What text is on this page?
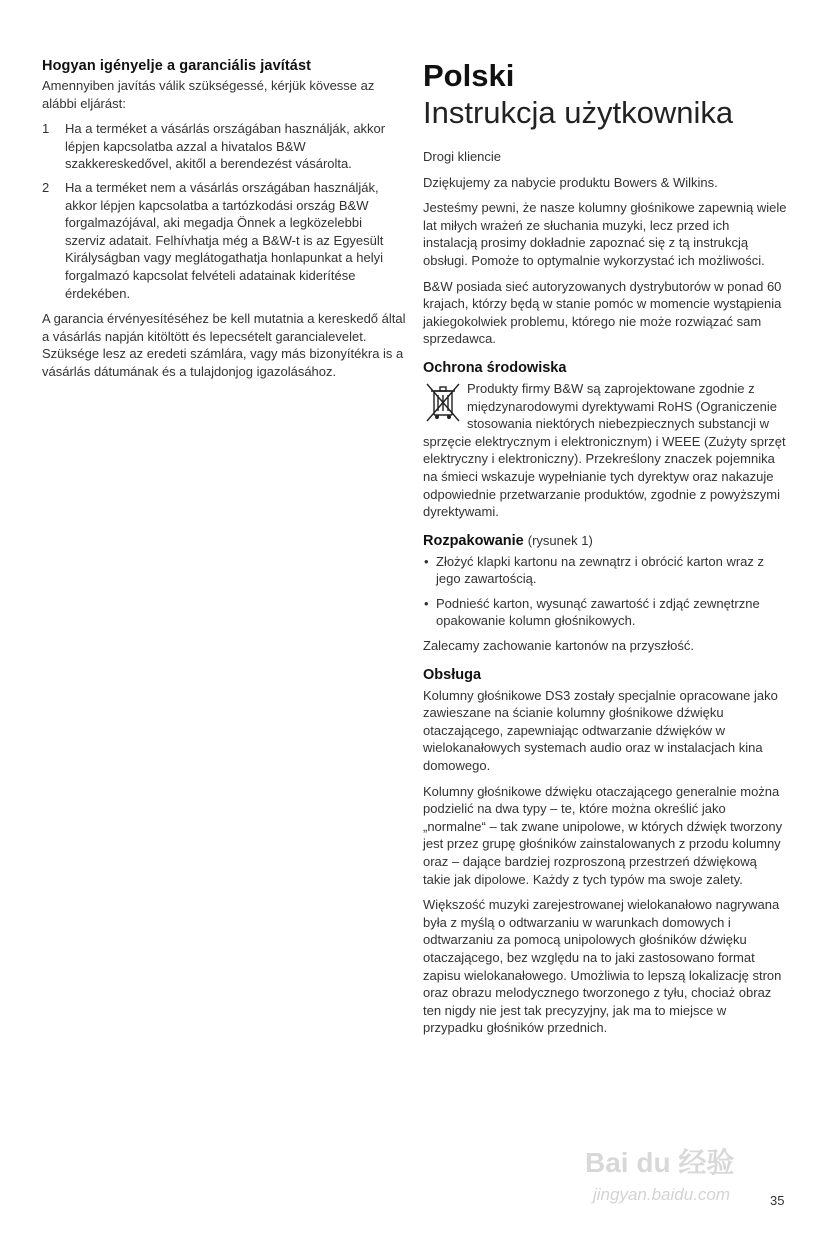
Hogyan igényelje a garanciális javítást

Amennyiben javítás válik szükségessé, kérjük kövesse az alábbi eljárást:

1 Ha a terméket a vásárlás országában használják, akkor lépjen kapcsolatba azzal a hivatalos B&W szakkereskedővel, akitől a berendezést vásárolta.
2 Ha a terméket nem a vásárlás országában használják, akkor lépjen kapcsolatba a tartózkodási ország B&W forgalmazójával, aki megadja Önnek a legközelebbi szerviz adatait. Felhívhatja még a B&W-t is az Egyesült Királyságban vagy meglátogathatja honlapunkat a helyi forgalmazó kapcsolat felvételi adatainak kiderítése érdekében.

A garancia érvényesítéséhez be kell mutatnia a kereskedő által a vásárlás napján kitöltött és lepecsételt garancialevelet. Szüksége lesz az eredeti számlára, vagy más bizonyítékra is a vásárlás dátumának és a tulajdonjog igazolásához.

Polski
Instrukcja użytkownika

Drogi kliencie

Dziękujemy za nabycie produktu Bowers & Wilkins.

Jesteśmy pewni, że nasze kolumny głośnikowe zapewnią wiele lat miłych wrażeń ze słuchania muzyki, lecz przed ich instalacją prosimy dokładnie zapoznać się z tą instrukcją obsługi. Pomoże to optymalnie wykorzystać ich możliwości.

B&W posiada sieć autoryzowanych dystrybutorów w ponad 60 krajach, którzy będą w stanie pomóc w momencie wystąpienia jakiegokolwiek problemu, którego nie może rozwiązać sam sprzedawca.

Ochrona środowiska

Produkty firmy B&W są zaprojektowane zgodnie z międzynarodowymi dyrektywami RoHS (Ograniczenie stosowania niektórych niebezpiecznych substancji w sprzęcie elektrycznym i elektronicznym) i WEEE (Zużyty sprzęt elektryczny i elektroniczny). Przekreślony znaczek pojemnika na śmieci wskazuje wypełnianie tych dyrektyw oraz nakazuje odpowiednie przetwarzanie produktów, zgodnie z powyższymi dyrektywami.

Rozpakowanie (rysunek 1)
• Złożyć klapki kartonu na zewnątrz i obrócić karton wraz z jego zawartością.
• Podnieść karton, wysunąć zawartość i zdjąć zewnętrzne opakowanie kolumn głośnikowych.

Zalecamy zachowanie kartonów na przyszłość.

Obsługa

Kolumny głośnikowe DS3 zostały specjalnie opracowane jako zawieszane na ścianie kolumny głośnikowe dźwięku otaczającego, zapewniając odtwarzanie dźwięków w wielokanałowych systemach audio oraz w instalacjach kina domowego.

Kolumny głośnikowe dźwięku otaczającego generalnie można podzielić na dwa typy – te, które można określić jako „normalne“ – tak zwane unipolowe, w których dźwięk tworzony jest przez grupę głośników zainstalowanych z przodu kolumny oraz – dające bardziej rozproszoną przestrzeń dźwiękową takie jak dipolowe. Każdy z tych typów ma swoje zalety.

Większość muzyki zarejestrowanej wielokanałowo nagrywana była z myślą o odtwarzaniu w warunkach domowych i odtwarzaniu za pomocą unipolowych głośników dźwięku otaczającego, bez względu na to jaki zastosowano format zapisu wielokanałowego. Umożliwia to lepszą lokalizację stron oraz obrazu melodycznego tworzonego z tyłu, chociaż obraz ten nigdy nie jest tak precyzyjny, jak ma to miejsce w przypadku głośników przednich.

Bai du 经验
jingyan.baidu.com	35
